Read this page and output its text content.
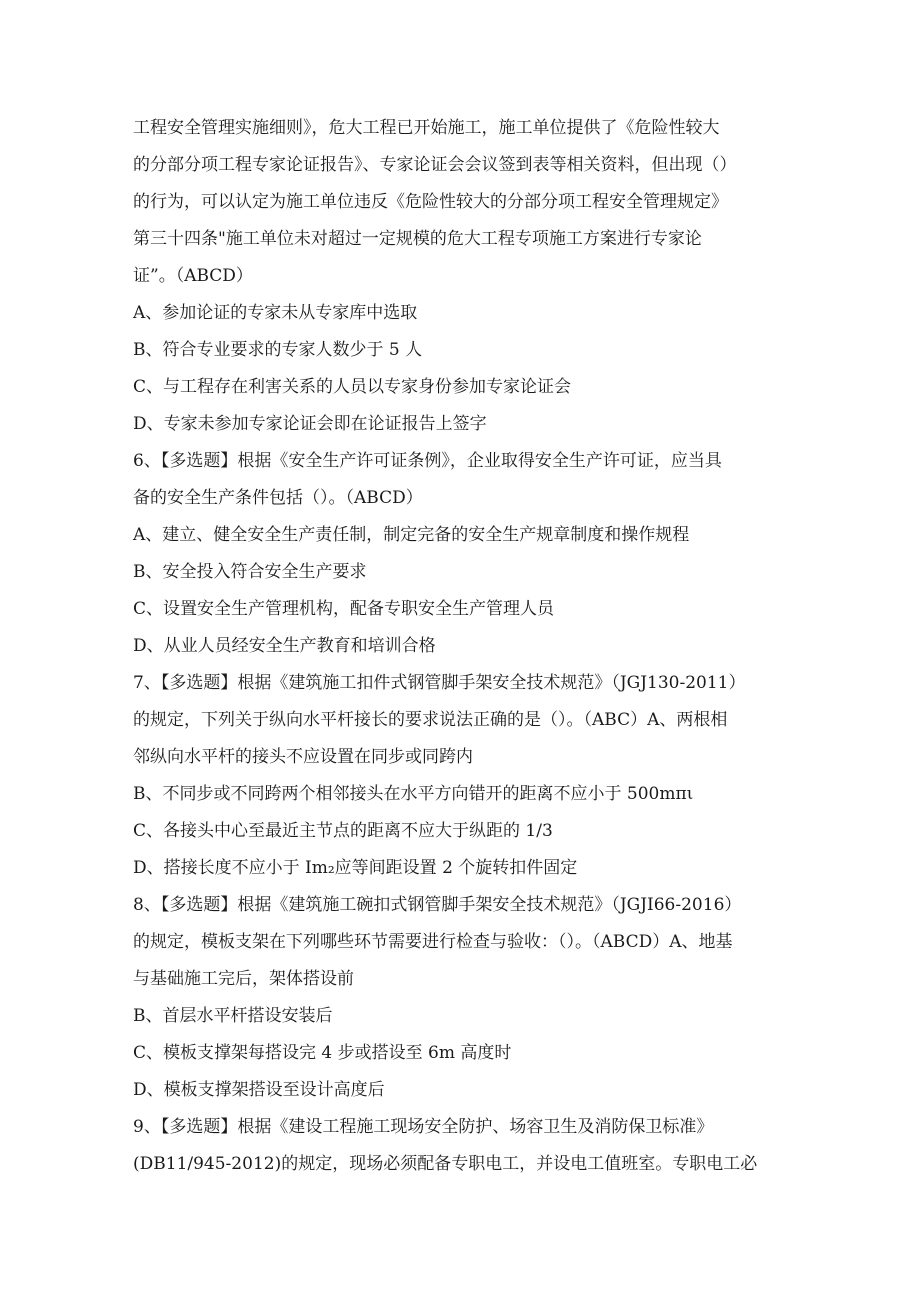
工程安全管理实施细则》，危大工程已开始施工，施工单位提供了《危险性较大
的分部分项工程专家论证报告》、专家论证会会议签到表等相关资料，但出现（）
的行为，可以认定为施工单位违反《危险性较大的分部分项工程安全管理规定》
第三十四条"施工单位未对超过一定规模的危大工程专项施工方案进行专家论
证”。（ABCD）
A、参加论证的专家未从专家库中选取
B、符合专业要求的专家人数少于 5 人
C、与工程存在利害关系的人员以专家身份参加专家论证会
D、专家未参加专家论证会即在论证报告上签字
6、【多选题】根据《安全生产许可证条例》，企业取得安全生产许可证，应当具
备的安全生产条件包括（）。（ABCD）
A、建立、健全安全生产责任制，制定完备的安全生产规章制度和操作规程
B、安全投入符合安全生产要求
C、设置安全生产管理机构，配备专职安全生产管理人员
D、从业人员经安全生产教育和培训合格
7、【多选题】根据《建筑施工扣件式钢管脚手架安全技术规范》（JGJ130-2011）
的规定，下列关于纵向水平杆接长的要求说法正确的是（）。（ABC）A、两根相
邻纵向水平杆的接头不应设置在同步或同跨内
B、不同步或不同跨两个相邻接头在水平方向错开的距离不应小于 500mπι
C、各接头中心至最近主节点的距离不应大于纵距的 1/3
D、搭接长度不应小于 Im₂应等间距设置 2 个旋转扣件固定
8、【多选题】根据《建筑施工碗扣式钢管脚手架安全技术规范》（JGJI66-2016）
的规定，模板支架在下列哪些环节需要进行检查与验收：（）。（ABCD）A、地基
与基础施工完后，架体搭设前
B、首层水平杆搭设安装后
C、模板支撑架每搭设完 4 步或搭设至 6m 高度时
D、模板支撑架搭设至设计高度后
9、【多选题】根据《建设工程施工现场安全防护、场容卫生及消防保卫标准》
(DB11/945-2012)的规定，现场必须配备专职电工，并设电工值班室。专职电工必
